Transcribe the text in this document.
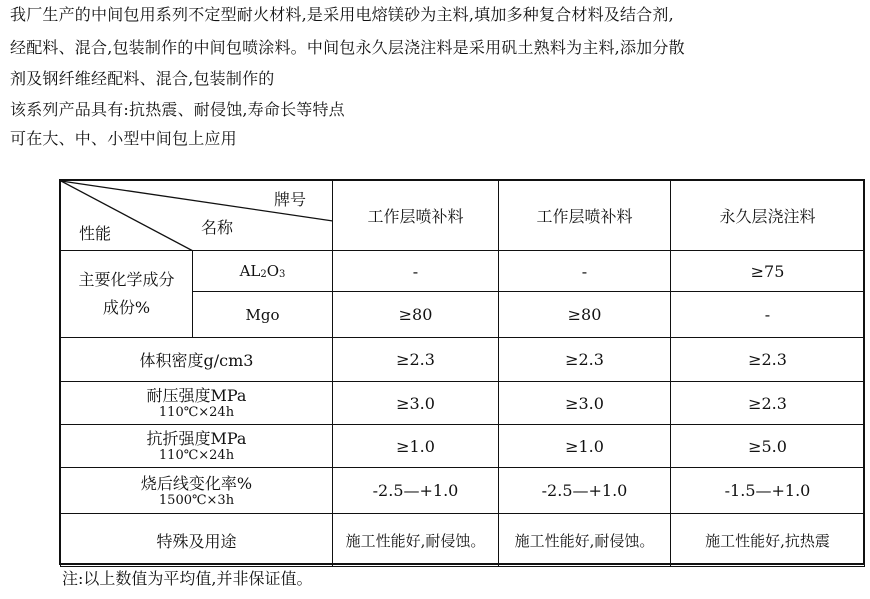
我厂生产的中间包用系列不定型耐火材料,是采用电熔镁砂为主料,填加多种复合材料及结合剂,
经配料、混合,包装制作的中间包喷涂料。中间包永久层浇注料是采用矾土熟料为主料,添加分散
剂及钢纤维经配料、混合,包装制作的
该系列产品具有:抗热震、耐侵蚀,寿命长等特点
可在大、中、小型中间包上应用
牌号
名称
性能		工作层喷补料	工作层喷补料	永久层浇注料

主要化学成分
成份%	AL2O3	-	-	≥75
	Mgo	≥80	≥80	-
体积密度g/cm3		≥2.3	≥2.3	≥2.3

耐压强度MPa
110℃×24h		≥3.0	≥3.0	≥2.3

抗折强度MPa
110℃×24h		≥1.0	≥1.0	≥5.0

烧后线变化率%
1500℃×3h		-2.5—+1.0	-2.5—+1.0	-1.5—+1.0
特殊及用途		施工性能好,耐侵蚀。	施工性能好,耐侵蚀。	施工性能好,抗热震
注:以上数值为平均值,并非保证值。
